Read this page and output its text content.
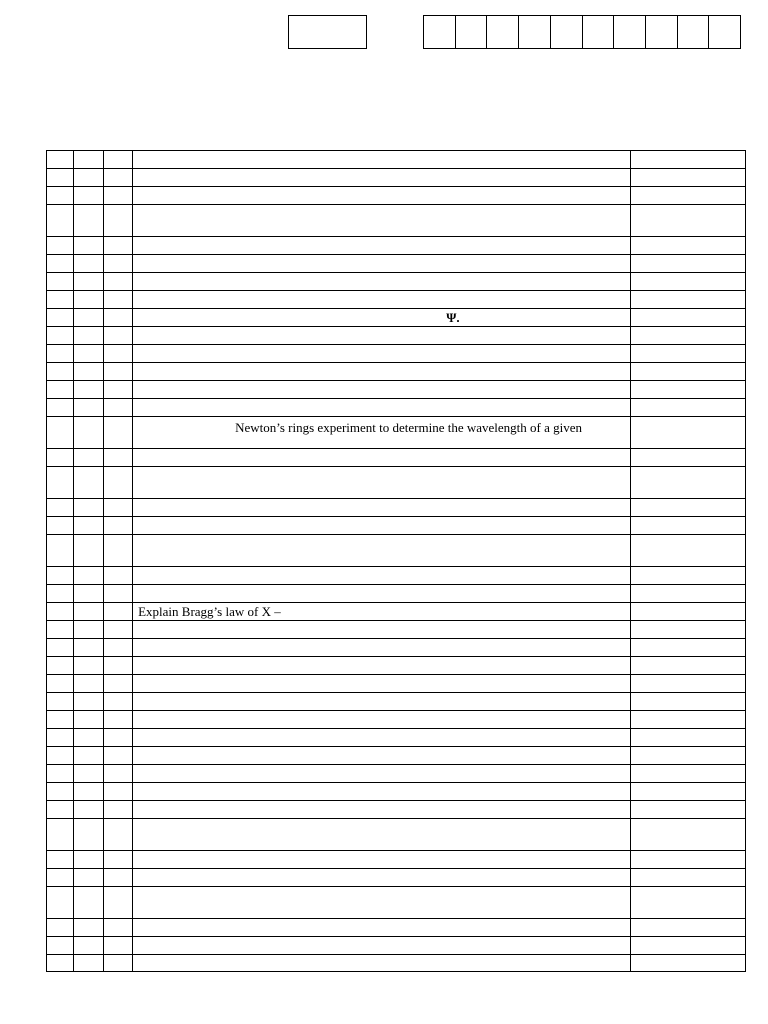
			Ψ.	

			Newton’s rings experiment to determine the wavelength of a given	

			Explain Bragg’s law of X –	
